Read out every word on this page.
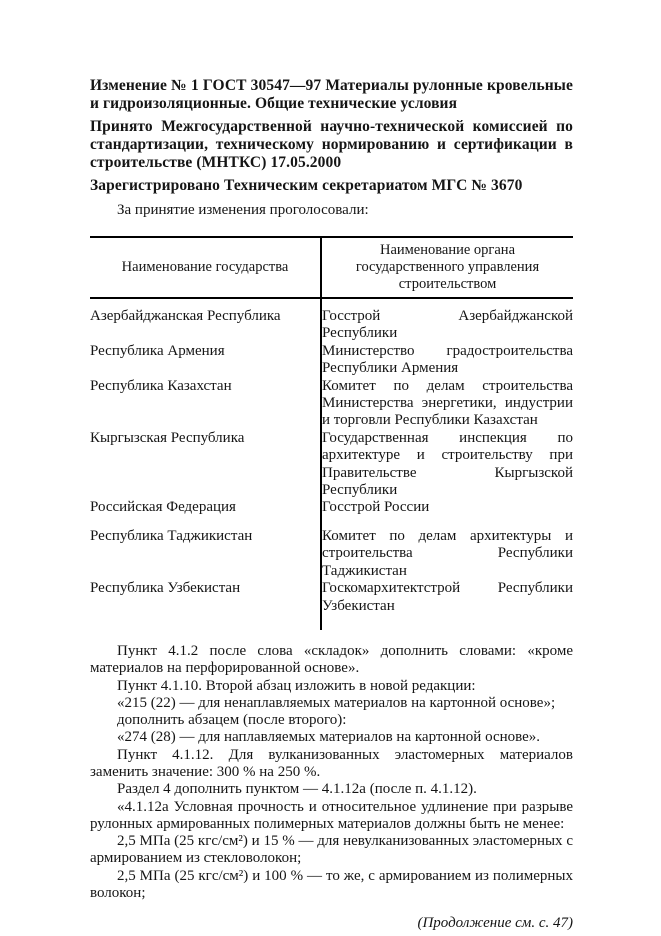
Изменение № 1 ГОСТ 30547—97 Материалы рулонные кровельные и гидроизоляционные. Общие технические условия

Принято Межгосударственной научно-технической комиссией по стандартизации, техническому нормированию и сертификации в строительстве (МНТКС) 17.05.2000

Зарегистрировано Техническим секретариатом МГС № 3670

За принятие изменения проголосовали:

Наименование государства	Наименование органа государственного управления строительством
Азербайджанская Республика	Госстрой Азербайджанской Республики
Республика Армения	Министерство градостроительства Республики Армения
Республика Казахстан	Комитет по делам строительства Министерства энергетики, индустрии и торговли Республики Казахстан
Кыргызская Республика	Государственная инспекция по архитектуре и строительству при Правительстве Кыргызской Республики
Российская Федерация	Госстрой России
Республика Таджикистан	Комитет по делам архитектуры и строительства Республики Таджикистан
Республика Узбекистан	Госкомархитектстрой Республики Узбекистан

Пункт 4.1.2 после слова «складок» дополнить словами: «кроме материалов на перфорированной основе».

Пункт 4.1.10. Второй абзац изложить в новой редакции:

«215 (22) — для ненаплавляемых материалов на картонной основе»;

дополнить абзацем (после второго):

«274 (28) — для наплавляемых материалов на картонной основе».

Пункт 4.1.12. Для вулканизованных эластомерных материалов заменить значение: 300 % на 250 %.

Раздел 4 дополнить пунктом — 4.1.12а (после п. 4.1.12).

«4.1.12а Условная прочность и относительное удлинение при разрыве рулонных армированных полимерных материалов должны быть не менее:

2,5 МПа (25 кгс/см²) и 15 % — для невулканизованных эластомерных с армированием из стекловолокон;

2,5 МПа (25 кгс/см²) и 100 % — то же, с армированием из полимерных волокон;

(Продолжение см. с. 47)
